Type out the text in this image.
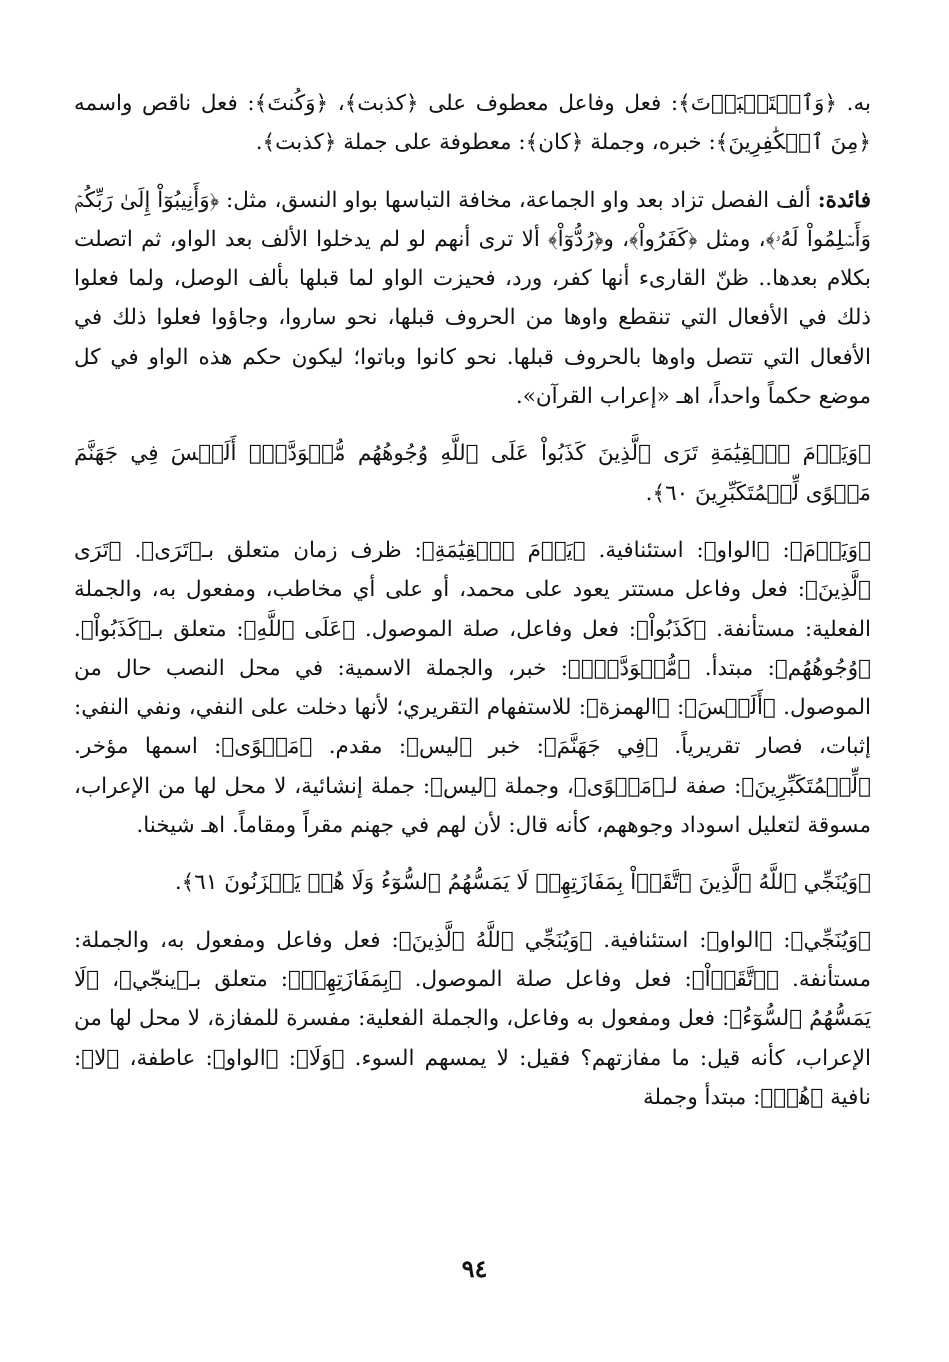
به. ﴿وَٱسۡتَكۡبَرۡتَ﴾: فعل وفاعل معطوف على ﴿كذبت﴾، ﴿وَكُنتَ﴾: فعل ناقص واسمه ﴿مِنَ ٱلۡكَٰفِرِينَ﴾: خبره، وجملة ﴿كان﴾: معطوفة على جملة ﴿كذبت﴾.

فائدة: ألف الفصل تزاد بعد واو الجماعة، مخافة التباسها بواو النسق، مثل: ﴿وَأَنِيبُوٓاْ إِلَىٰ رَبِّكُمۡ وَأَسۡلِمُواْ لَهُۥ﴾، ومثل ﴿كَفَرُواْ﴾، و﴿رُدُّوٓاْ﴾ ألا ترى أنهم لو لم يدخلوا الألف بعد الواو، ثم اتصلت بكلام بعدها.. ظنّ القارىء أنها كفر، ورد، فحيزت الواو لما قبلها بألف الوصل، ولما فعلوا ذلك في الأفعال التي تنقطع واوها من الحروف قبلها، نحو ساروا، وجاؤوا فعلوا ذلك في الأفعال التي تتصل واوها بالحروف قبلها. نحو كانوا وباتوا؛ ليكون حكم هذه الواو في كل موضع حكماً واحداً، اهـ «إعراب القرآن».

﴿وَيَوۡمَ ٱلۡقِيَٰمَةِ تَرَى ٱلَّذِينَ كَذَبُواْ عَلَى ٱللَّهِ وُجُوهُهُم مُّسۡوَدَّةٌۚ أَلَيۡسَ فِي جَهَنَّمَ مَثۡوًى لِّلۡمُتَكَبِّرِينَ ٦٠﴾.

﴿وَيَوۡمَ﴾: ﴿الواو﴾: استئنافية. ﴿يَوۡمَ ٱلۡقِيَٰمَةِ﴾: ظرف زمان متعلق بـ﴿تَرَى﴾. ﴿تَرَى ٱلَّذِينَ﴾: فعل وفاعل مستتر يعود على محمد، أو على أي مخاطب، ومفعول به، والجملة الفعلية: مستأنفة. ﴿كَذَبُواْ﴾: فعل وفاعل، صلة الموصول. ﴿عَلَى ٱللَّهِ﴾: متعلق بـ﴿كَذَبُواْ﴾. ﴿وُجُوهُهُم﴾: مبتدأ. ﴿مُّسۡوَدَّةٌۚ﴾: خبر، والجملة الاسمية: في محل النصب حال من الموصول. ﴿أَلَيۡسَ﴾: ﴿الهمزة﴾: للاستفهام التقريري؛ لأنها دخلت على النفي، ونفي النفي: إثبات، فصار تقريرياً. ﴿فِي جَهَنَّمَ﴾: خبر ﴿ليس﴾: مقدم. ﴿مَثۡوًى﴾: اسمها مؤخر. ﴿لِّلۡمُتَكَبِّرِينَ﴾: صفة لـ﴿مَثۡوًى﴾، وجملة ﴿ليس﴾: جملة إنشائية، لا محل لها من الإعراب، مسوقة لتعليل اسوداد وجوههم، كأنه قال: لأن لهم في جهنم مقراً ومقاماً. اهـ شيخنا.

﴿وَيُنَجِّي ٱللَّهُ ٱلَّذِينَ ٱتَّقَوۡاْ بِمَفَازَتِهِمۡ لَا يَمَسُّهُمُ ٱلسُّوٓءُ وَلَا هُمۡ يَحۡزَنُونَ ٦١﴾.

﴿وَيُنَجِّي﴾: ﴿الواو﴾: استئنافية. ﴿وَيُنَجِّي ٱللَّهُ ٱلَّذِينَ﴾: فعل وفاعل ومفعول به، والجملة: مستأنفة. ﴿ٱتَّقَوۡاْ﴾: فعل وفاعل صلة الموصول. ﴿بِمَفَازَتِهِمۡ﴾: متعلق بـ﴿ينجّي﴾، ﴿لَا يَمَسُّهُمُ ٱلسُّوٓءُ﴾: فعل ومفعول به وفاعل، والجملة الفعلية: مفسرة للمفازة، لا محل لها من الإعراب، كأنه قيل: ما مفازتهم؟ فقيل: لا يمسهم السوء. ﴿وَلَا﴾: ﴿الواو﴾: عاطفة، ﴿لا﴾: نافية ﴿هُمۡ﴾: مبتدأ وجملة

٩٤
